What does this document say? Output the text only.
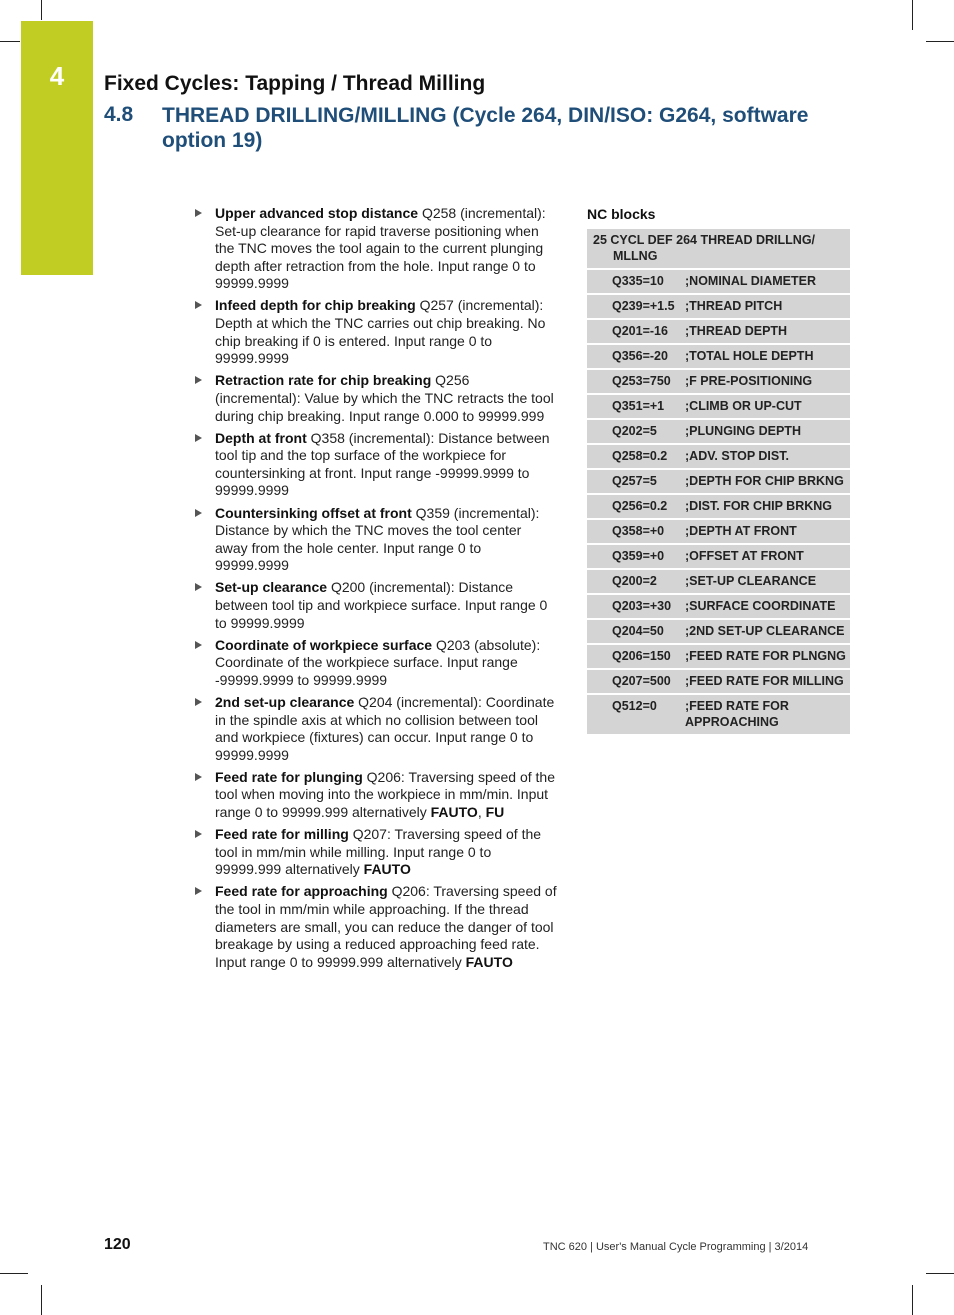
4	Fixed Cycles: Tapping / Thread Milling
4.8 THREAD DRILLING/MILLING (Cycle 264, DIN/ISO: G264, software option 19)
Upper advanced stop distance Q258 (incremental): Set-up clearance for rapid traverse positioning when the TNC moves the tool again to the current plunging depth after retraction from the hole. Input range 0 to 99999.9999
Infeed depth for chip breaking Q257 (incremental): Depth at which the TNC carries out chip breaking. No chip breaking if 0 is entered. Input range 0 to 99999.9999
Retraction rate for chip breaking Q256 (incremental): Value by which the TNC retracts the tool during chip breaking. Input range 0.000 to 99999.999
Depth at front Q358 (incremental): Distance between tool tip and the top surface of the workpiece for countersinking at front. Input range -99999.9999 to 99999.9999
Countersinking offset at front Q359 (incremental): Distance by which the TNC moves the tool center away from the hole center. Input range 0 to 99999.9999
Set-up clearance Q200 (incremental): Distance between tool tip and workpiece surface. Input range 0 to 99999.9999
Coordinate of workpiece surface Q203 (absolute): Coordinate of the workpiece surface. Input range -99999.9999 to 99999.9999
2nd set-up clearance Q204 (incremental): Coordinate in the spindle axis at which no collision between tool and workpiece (fixtures) can occur. Input range 0 to 99999.9999
Feed rate for plunging Q206: Traversing speed of the tool when moving into the workpiece in mm/min. Input range 0 to 99999.999 alternatively FAUTO, FU
Feed rate for milling Q207: Traversing speed of the tool in mm/min while milling. Input range 0 to 99999.999 alternatively FAUTO
Feed rate for approaching Q206: Traversing speed of the tool in mm/min while approaching. If the thread diameters are small, you can reduce the danger of tool breakage by using a reduced approaching feed rate. Input range 0 to 99999.999 alternatively FAUTO
NC blocks
25 CYCL DEF 264 THREAD DRILLNG/
MLLNG
Q335=10	;NOMINAL DIAMETER
Q239=+1.5 ;THREAD PITCH
Q201=-16	;THREAD DEPTH
Q356=-20	;TOTAL HOLE DEPTH
Q253=750	;F PRE-POSITIONING
Q351=+1	;CLIMB OR UP-CUT
Q202=5	;PLUNGING DEPTH
Q258=0.2	;ADV. STOP DIST.
Q257=5	;DEPTH FOR CHIP BRKNG
Q256=0.2	;DIST. FOR CHIP BRKNG
Q358=+0	;DEPTH AT FRONT
Q359=+0	;OFFSET AT FRONT
Q200=2	;SET-UP CLEARANCE
Q203=+30	;SURFACE COORDINATE
Q204=50	;2ND SET-UP CLEARANCE
Q206=150	;FEED RATE FOR PLNGNG
Q207=500	;FEED RATE FOR MILLING
Q512=0	;FEED RATE FOR APPROACHING
120	TNC 620 | User's Manual Cycle Programming | 3/2014
